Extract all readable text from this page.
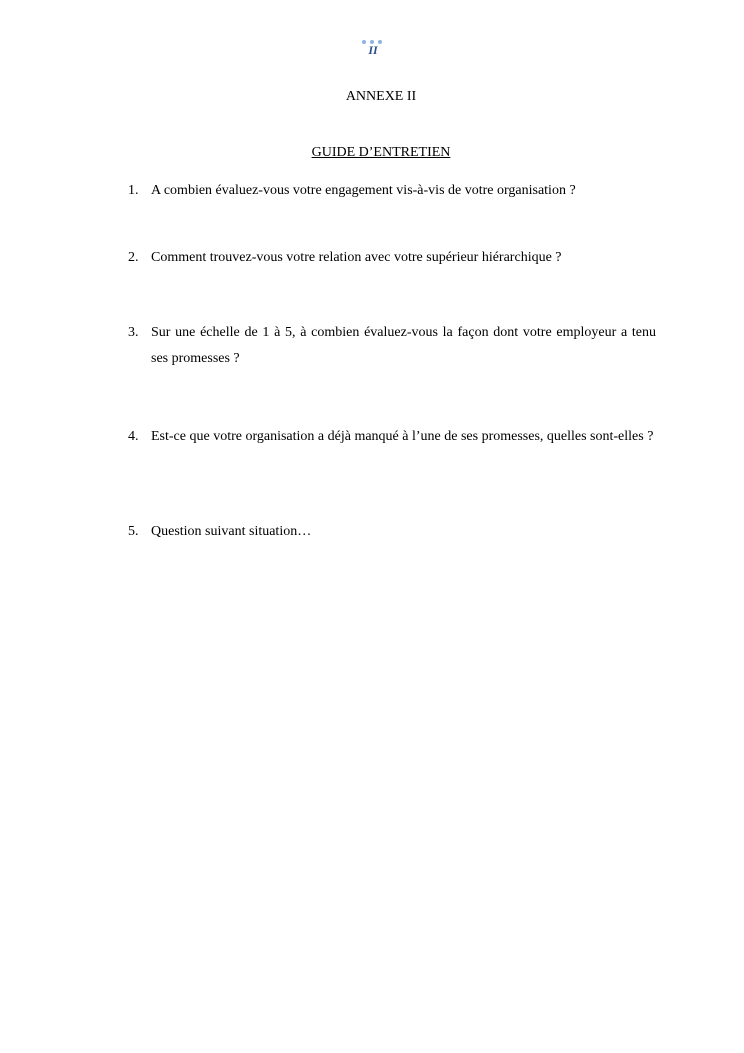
II
ANNEXE II
GUIDE D’ENTRETIEN
1. A combien évaluez-vous votre engagement vis-à-vis de votre organisation ?
2. Comment trouvez-vous votre relation avec votre supérieur hiérarchique ?
3. Sur une échelle de 1 à 5, à combien évaluez-vous la façon dont votre employeur a tenu ses promesses ?
4. Est-ce que votre organisation a déjà manqué à l’une de ses promesses, quelles sont-elles ?
5. Question suivant situation…
